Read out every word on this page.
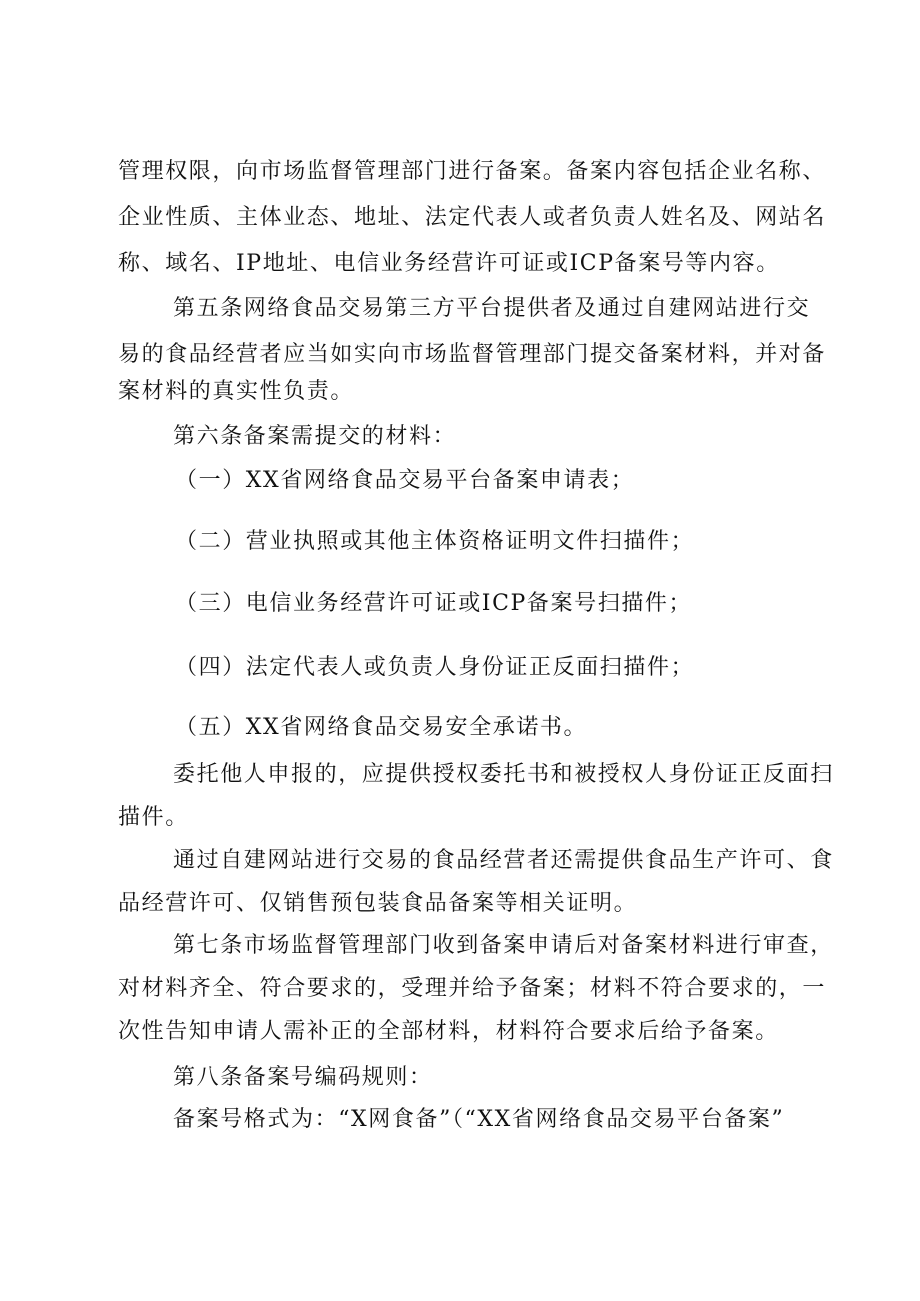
管理权限，向市场监督管理部门进行备案。备案内容包括企业名称、
企业性质、主体业态、地址、法定代表人或者负责人姓名及、网站名
称、域名、IP地址、电信业务经营许可证或ICP备案号等内容。
第五条网络食品交易第三方平台提供者及通过自建网站进行交
易的食品经营者应当如实向市场监督管理部门提交备案材料，并对备
案材料的真实性负责。
第六条备案需提交的材料：
（一）XX省网络食品交易平台备案申请表；
（二）营业执照或其他主体资格证明文件扫描件；
（三）电信业务经营许可证或ICP备案号扫描件；
（四）法定代表人或负责人身份证正反面扫描件；
（五）XX省网络食品交易安全承诺书。
委托他人申报的，应提供授权委托书和被授权人身份证正反面扫
描件。
通过自建网站进行交易的食品经营者还需提供食品生产许可、食
品经营许可、仅销售预包装食品备案等相关证明。
第七条市场监督管理部门收到备案申请后对备案材料进行审查，
对材料齐全、符合要求的，受理并给予备案；材料不符合要求的，一
次性告知申请人需补正的全部材料，材料符合要求后给予备案。
第八条备案号编码规则：
备案号格式为：“X网食备”（“XX省网络食品交易平台备案”
